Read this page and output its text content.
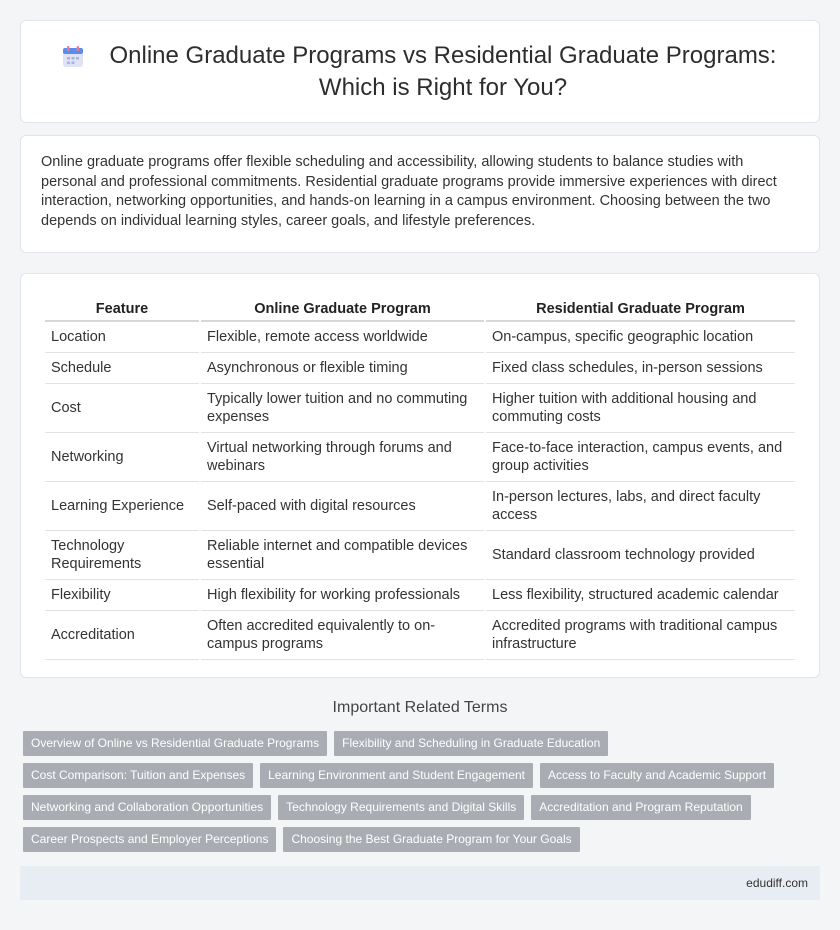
Online Graduate Programs vs Residential Graduate Programs: Which is Right for You?

Online graduate programs offer flexible scheduling and accessibility, allowing students to balance studies with personal and professional commitments. Residential graduate programs provide immersive experiences with direct interaction, networking opportunities, and hands-on learning in a campus environment. Choosing between the two depends on individual learning styles, career goals, and lifestyle preferences.

Feature	Online Graduate Program	Residential Graduate Program
Location	Flexible, remote access worldwide	On-campus, specific geographic location
Schedule	Asynchronous or flexible timing	Fixed class schedules, in-person sessions
Cost	Typically lower tuition and no commuting expenses	Higher tuition with additional housing and commuting costs
Networking	Virtual networking through forums and webinars	Face-to-face interaction, campus events, and group activities
Learning Experience	Self-paced with digital resources	In-person lectures, labs, and direct faculty access
Technology Requirements	Reliable internet and compatible devices essential	Standard classroom technology provided
Flexibility	High flexibility for working professionals	Less flexibility, structured academic calendar
Accreditation	Often accredited equivalently to on-campus programs	Accredited programs with traditional campus infrastructure
Important Related Terms
Overview of Online vs Residential Graduate Programs	Flexibility and Scheduling in Graduate Education
Cost Comparison: Tuition and Expenses	Learning Environment and Student Engagement	Access to Faculty and Academic Support
Networking and Collaboration Opportunities	Technology Requirements and Digital Skills	Accreditation and Program Reputation
Career Prospects and Employer Perceptions	Choosing the Best Graduate Program for Your Goals
edudiff.com
